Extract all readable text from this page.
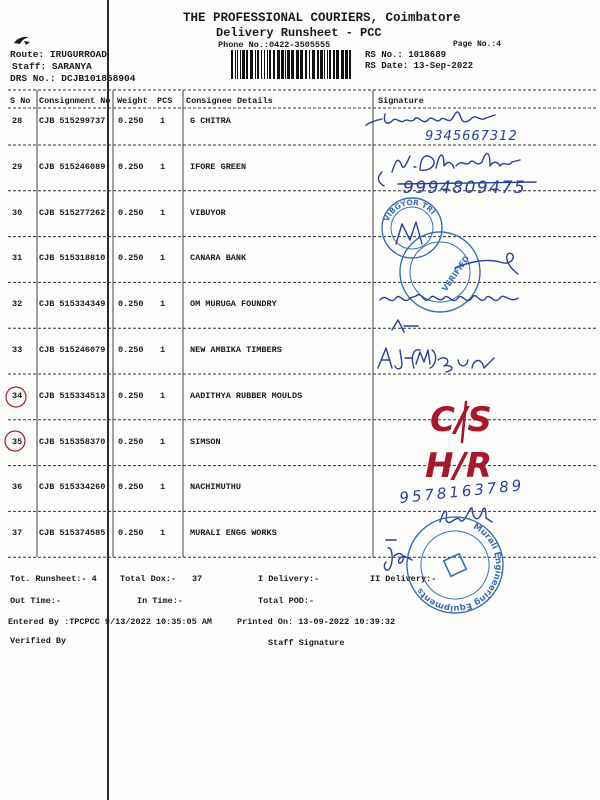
THE PROFESSIONAL COURIERS, Coimbatore
Delivery Runsheet - PCC
Phone No.:0422-3505555	Page No.:4
Route: IRUGURROAD
Staff: SARANYA
DRS No.: DCJB101868904
RS No.: 1018689
RS Date: 13-Sep-2022
S No Consignment No Weight PCS Consignee Details	Signature
28 CJB 515299737 0.250 1	G CHITRA
29 CJB 515246089 0.250 1	IFORE GREEN
30 CJB 515277262 0.250 1	VIBUYOR
31 CJB 515318810 0.250 1	CANARA BANK
32 CJB 515334349 0.250 1	OM MURUGA FOUNDRY
33 CJB 515246079 0.250 1	NEW AMBIKA TIMBERS
34 CJB 515334513 0.250 1	AADITHYA RUBBER MOULDS
35 CJB 515358370 0.250 1	SIMSON
36 CJB 515334260 0.250 1	NACHIMUTHU
37 CJB 515374585 0.250 1	MURALI ENGG WORKS
Tot. Runsheet:- 4	Total Dox:- 37	I Delivery:-	II Delivery:-
Out Time:-	In Time:-	Total POD:-
Entered By :TPCPCC 9/13/2022 10:35:05 AM	Printed On: 13-09-2022 10:39:32
Verified By	Staff Signature
9345667312
9994809475
VIBGYOR TRI
VERIFIED
C/S
H/R
9578163789
Murali Engineering Equipments
